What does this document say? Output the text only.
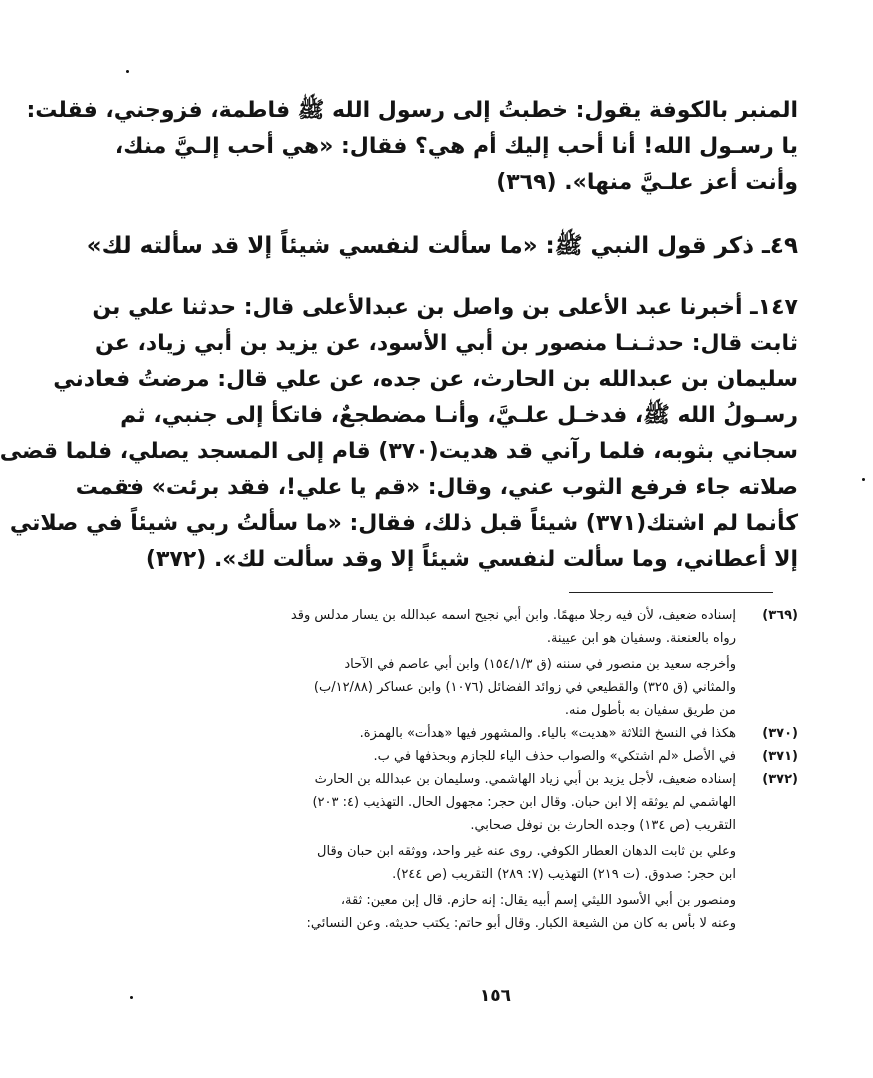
المنبر بالكوفة يقول: خطبتُ إلى رسول الله ﷺ فاطمة، فزوجني، فقلت:
يا رسـول الله! أنا أحب إليك أم هي؟ فقال: «هي أحب إلـيَّ منك،
وأنت أعز علـيَّ منها». (٣٦٩)
٤٩ـ ذكر قول النبي ﷺ: «ما سألت لنفسي شيئاً إلا قد سألته لك»
١٤٧ـ أخبرنا عبد الأعلى بن واصل بن عبدالأعلى قال: حدثنا علي بن
ثابت قال: حدثـنـا منصور بن أبي الأسود، عن يزيد بن أبي زياد، عن
سليمان بن عبدالله بن الحارث، عن جده، عن علي قال: مرضتُ فعادني
رسـولُ الله ﷺ، فدخـل علـيَّ، وأنـا مضطجعٌ، فاتكأ إلى جنبي، ثم
سجاني بثوبه، فلما رآني قد هديت(٣٧٠) قام إلى المسجد يصلي، فلما قضى
صلاته جاء فرفع الثوب عني، وقال: «قم يا علي!، فقد برئت» فقمت
كأنما لم اشتك(٣٧١) شيئاً قبل ذلك، فقال: «ما سألتُ ربي شيئاً في صلاتي
إلا أعطاني، وما سألت لنفسي شيئاً إلا وقد سألت لك». (٣٧٢)
(٣٦٩)
إسناده ضعيف، لأن فيه رجلا مبهمًا. وابن أبي نجيح اسمه عبدالله بن يسار مدلس وقد
رواه بالعنعنة. وسفيان هو ابن عيينة.
وأخرجه سعيد بن منصور في سننه (ق ١٥٤/١/٣) وابن أبي عاصم في الآحاد
والمثاني (ق ٣٢٥) والقطيعي في زوائد الفضائل (١٠٧٦) وابن عساكر (١٢/٨٨/ب)
من طريق سفيان به بأطول منه.
(٣٧٠)
هكذا في النسخ الثلاثة «هديت» بالياء. والمشهور فيها «هدأت» بالهمزة.
(٣٧١)
في الأصل «لم اشتكي» والصواب حذف الياء للجازم وبحذفها في ب.
(٣٧٢)
إسناده ضعيف، لأجل يزيد بن أبي زياد الهاشمي. وسليمان بن عبدالله بن الحارث
الهاشمي لم يوثقه إلا ابن حبان. وقال ابن حجر: مجهول الحال. التهذيب (٤: ٢٠٣)
التقريب (ص ١٣٤) وجده الحارث بن نوفل صحابي.
وعلي بن ثابت الدهان العطار الكوفي. روى عنه غير واحد، ووثقه ابن حبان وقال
ابن حجر: صدوق. (ت ٢١٩) التهذيب (٧: ٢٨٩) التقريب (ص ٢٤٤).
ومنصور بن أبي الأسود الليثي إسم أبيه يقال: إنه حازم. قال إبن معين: ثقة،
وعنه لا بأس به كان من الشيعة الكبار. وقال أبو حاتم: يكتب حديثه. وعن النسائي:
١٥٦
